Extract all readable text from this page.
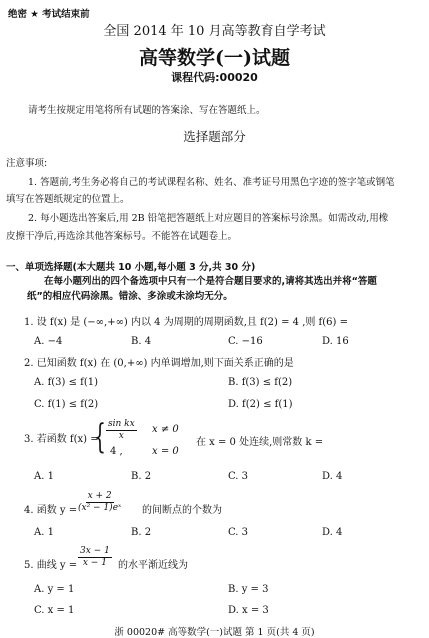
绝密 ★ 考试结束前
全国 2014 年 10 月高等教育自学考试
高等数学(一)试题
课程代码:00020
请考生按规定用笔将所有试题的答案涂、写在答题纸上。
选择题部分
注意事项:
1. 答题前,考生务必将自己的考试课程名称、姓名、准考证号用黑色字迹的签字笔或钢笔
填写在答题纸规定的位置上。
2. 每小题选出答案后,用 2B 铅笔把答题纸上对应题目的答案标号涂黑。如需改动,用橡
皮擦干净后,再选涂其他答案标号。不能答在试题卷上。
一、单项选择题(本大题共 10 小题,每小题 3 分,共 30 分)
在每小题列出的四个备选项中只有一个是符合题目要求的,请将其选出并将“答题
纸”的相应代码涂黑。错涂、多涂或未涂均无分。
1. 设 f(x) 是 (−∞,+∞) 内以 4 为周期的周期函数,且 f(2) = 4 ,则 f(6) =
A. −4	B. 4	C. −16	D. 16
2. 已知函数 f(x) 在 (0,+∞) 内单调增加,则下面关系正确的是
A. f(3) ≤ f(1)	B. f(3) ≤ f(2)
C. f(1) ≤ f(2)	D. f(2) ≤ f(1)
3. 若函数 f(x) =
{ $\frac{\text{sin kx}}{x}$ x ≠ 0
4 ,	x = 0
在 x = 0 处连续,则常数 k =
A. 1	B. 2	C. 3	D. 4
4. 函数 $y = \frac{x + 2}{\text{(x² − 1)eˣ}}$ 的间断点的个数为
A. 1	B. 2	C. 3	D. 4
5. 曲线 $y = \frac{3x - 1}{x - 1}$ 的水平渐近线为
A. y = 1	B. y = 3
C. x = 1	D. x = 3
浙 00020# 高等数学(一)试题 第 1 页(共 4 页)
